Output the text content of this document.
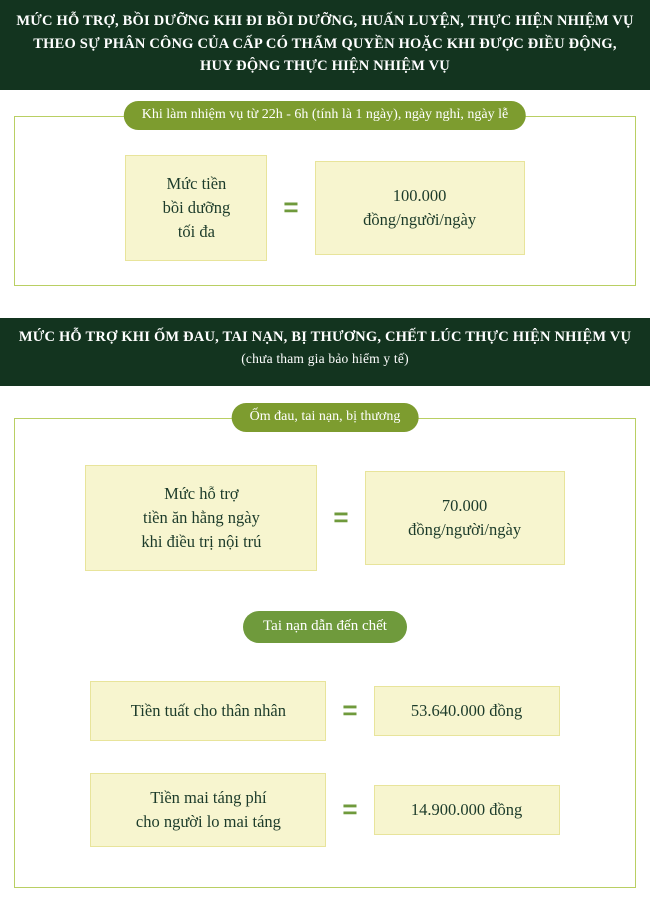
MỨC HỖ TRỢ, BỒI DƯỠNG KHI ĐI BỒI DƯỠNG, HUẤN LUYỆN, THỰC HIỆN NHIỆM VỤ
THEO SỰ PHÂN CÔNG CỦA CẤP CÓ THẨM QUYỀN HOẶC KHI ĐƯỢC ĐIỀU ĐỘNG,
HUY ĐỘNG THỰC HIỆN NHIỆM VỤ
Khi làm nhiệm vụ từ 22h - 6h (tính là 1 ngày), ngày nghỉ, ngày lễ
Mức tiền
bồi dưỡng
tối đa
=	100.000
đồng/người/ngày
MỨC HỖ TRỢ KHI ỐM ĐAU, TAI NẠN, BỊ THƯƠNG, CHẾT LÚC THỰC HIỆN NHIỆM VỤ
(chưa tham gia bảo hiểm y tế)
Ốm đau, tai nạn, bị thương
Mức hỗ trợ
tiền ăn hằng ngày
khi điều trị nội trú
=	70.000
đồng/người/ngày
Tai nạn dẫn đến chết
Tiền tuất cho thân nhân	=	53.640.000 đồng
Tiền mai táng phí
cho người lo mai táng	=	14.900.000 đồng
